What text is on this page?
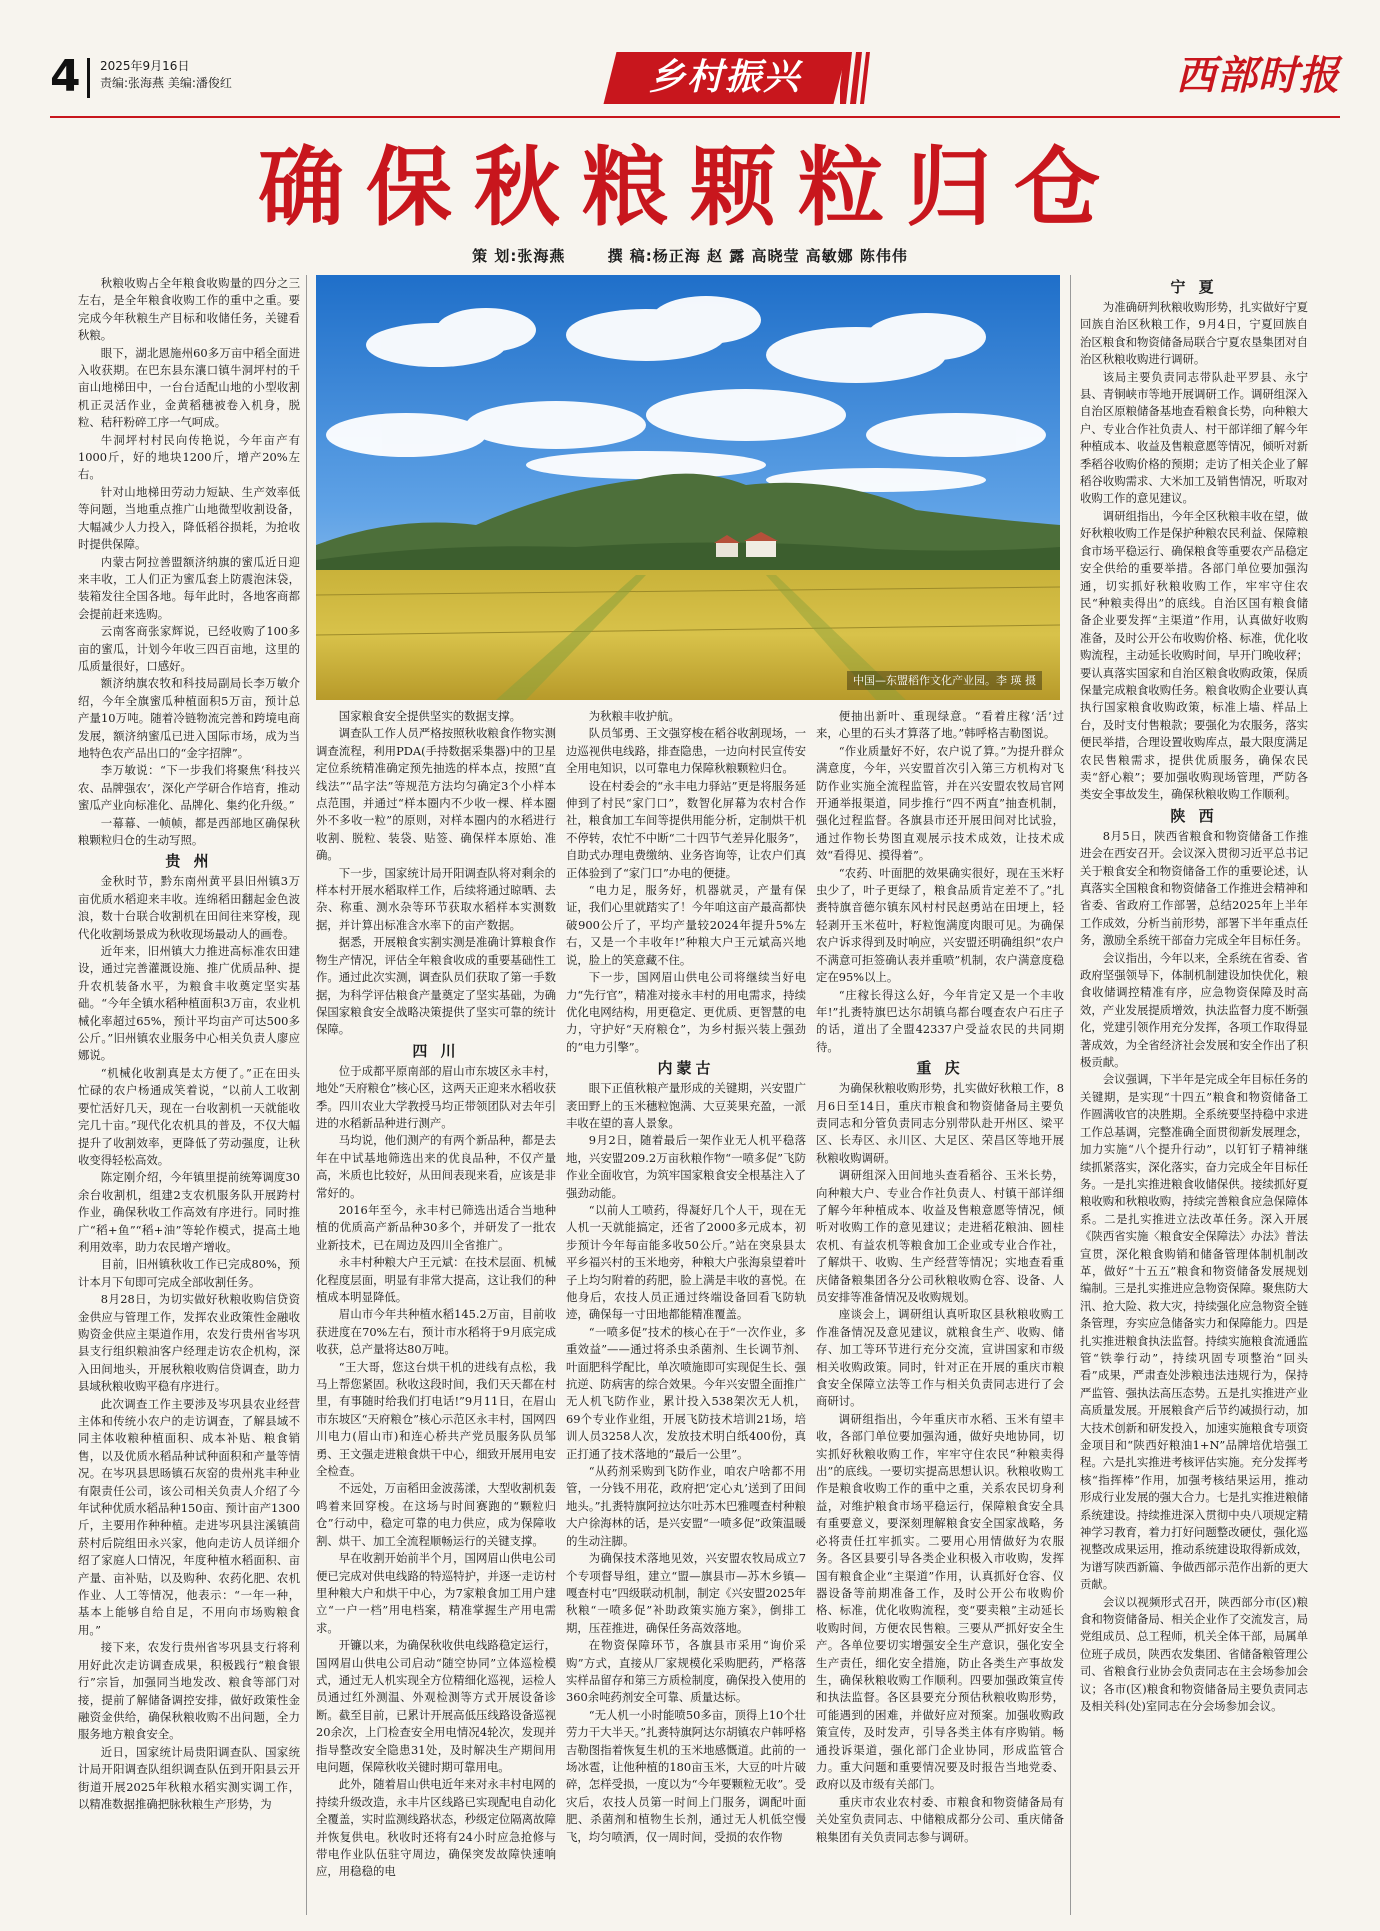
4 2025年9月16日
责编:张海燕 美编:潘俊红	乡村振兴	西部时报
确保秋粮颗粒归仓
策 划:张海燕	撰 稿:杨正海 赵 露 高晓莹 高敏娜 陈伟伟
中国—东盟稻作文化产业园。李 瑛 摄

秋粮收购占全年粮食收购量的四分之三左右，是全年粮食收购工作的重中之重。要完成今年秋粮生产目标和收储任务，关键看秋粮。

眼下，湖北恩施州60多万亩中稻全面进入收获期。在巴东县东瀼口镇牛洞坪村的千亩山地梯田中，一台台适配山地的小型收割机正灵活作业，金黄稻穗被卷入机身，脱粒、秸秆粉碎工序一气呵成。

牛洞坪村村民向传艳说，今年亩产有1000斤，好的地块1200斤，增产20%左右。

针对山地梯田劳动力短缺、生产效率低等问题，当地重点推广山地微型收割设备，大幅减少人力投入，降低稻谷损耗，为抢收时提供保障。

内蒙古阿拉善盟额济纳旗的蜜瓜近日迎来丰收，工人们正为蜜瓜套上防震泡沫袋，装箱发往全国各地。每年此时，各地客商都会提前赶来选购。

云南客商张家辉说，已经收购了100多亩的蜜瓜，计划今年收三四百亩地，这里的瓜质量很好，口感好。

额济纳旗农牧和科技局副局长李万敏介绍，今年全旗蜜瓜种植面积5万亩，预计总产量10万吨。随着冷链物流完善和跨境电商发展，额济纳蜜瓜已进入国际市场，成为当地特色农产品出口的“金字招牌”。

李万敏说：“下一步我们将聚焦‘科技兴农、品牌强农’，深化产学研合作培育，推动蜜瓜产业向标准化、品牌化、集约化升级。”

一幕幕、一帧帧，都是西部地区确保秋粮颗粒归仓的生动写照。

贵 州

金秋时节，黔东南州黄平县旧州镇3万亩优质水稻迎来丰收。连绵稻田翻起金色波浪，数十台联合收割机在田间往来穿梭，现代化收割场景成为秋收现场最动人的画卷。

近年来，旧州镇大力推进高标准农田建设，通过完善灌溉设施、推广优质品种、提升农机装备水平，为粮食丰收奠定坚实基础。“今年全镇水稻种植面积3万亩，农业机械化率超过65%，预计平均亩产可达500多公斤。”旧州镇农业服务中心相关负责人廖应娜说。

“机械化收割真是太方便了。”正在田头忙碌的农户杨通成笑着说，“以前人工收割要忙活好几天，现在一台收割机一天就能收完几十亩。”现代化农机具的普及，不仅大幅提升了收割效率，更降低了劳动强度，让秋收变得轻松高效。

陈定刚介绍，今年镇里提前统筹调度30余台收割机，组建2支农机服务队开展跨村作业，确保秋收工作高效有序进行。同时推广“稻+鱼”“稻+油”等轮作模式，提高土地利用效率，助力农民增产增收。

目前，旧州镇秋收工作已完成80%，预计本月下旬即可完成全部收割任务。

8月28日，为切实做好秋粮收购信贷资金供应与管理工作，发挥农业政策性金融收购资金供应主渠道作用，农发行贵州省岑巩县支行组织粮油客户经理走访农企机构，深入田间地头，开展秋粮收购信贷调查，助力县域秋粮收购平稳有序进行。

此次调查工作主要涉及岑巩县农业经营主体和传统小农户的走访调查，了解县域不同主体收粮种植面积、成本补贴、粮食销售，以及优质水稻品种试种面积和产量等情况。在岑巩县思旸镇石灰窑的贵州兆丰种业有限责任公司，该公司相关负责人介绍了今年试种优质水稻品种150亩、预计亩产1300斤，主要用作种种植。走进岑巩县注溪镇茴菸村后院组田永兴家，他向走访人员详细介绍了家庭人口情况，年度种植水稻面积、亩产量、亩补贴，以及购种、农药化肥、农机作业、人工等情况，他表示：“一年一种，基本上能够自给自足，不用向市场购粮食用。”

接下来，农发行贵州省岑巩县支行将利用好此次走访调查成果，积极践行“粮食银行”宗旨，加强同当地发改、粮食等部门对接，提前了解储备调控安排，做好政策性金融资金供给，确保秋粮收购不出问题，全力服务地方粮食安全。

近日，国家统计局贵阳调查队、国家统计局开阳调查队组织调查队伍到开阳县云开街道开展2025年秋粮水稻实测实调工作，以精准数据推确把脉秋粮生产形势，为

国家粮食安全提供坚实的数据支撑。

调查队工作人员严格按照秋收粮食作物实测调查流程，利用PDA(手持数据采集器)中的卫星定位系统精准确定预先抽选的样本点，按照“直线法”“品字法”等规范方法均匀确定3个小样本点范围，并通过“样本圈内不少收一棵、样本圈外不多收一粒”的原则，对样本圈内的水稻进行收割、脱粒、装袋、贴签、确保样本原始、准确。

下一步，国家统计局开阳调查队将对剩余的样本村开展水稻取样工作，后续将通过晾晒、去杂、称重、测水杂等环节获取水稻样本实测数据，并计算出标准含水率下的亩产数据。

据悉，开展粮食实割实测是准确计算粮食作物生产情况，评估全年粮食收成的重要基础性工作。通过此次实测，调查队员们获取了第一手数据，为科学评估粮食产量奠定了坚实基础，为确保国家粮食安全战略决策提供了坚实可靠的统计保障。

四 川

位于成都平原南部的眉山市东坡区永丰村，地处“天府粮仓”核心区，这两天正迎来水稻收获季。四川农业大学教授马均正带领团队对去年引进的水稻新品种进行测产。

马均说，他们测产的有两个新品种，都是去年在中试基地筛选出来的优良品种，不仅产量高，米质也比较好，从田间表现来看，应该是非常好的。

2016年至今，永丰村已筛选出适合当地种植的优质高产新品种30多个，并研发了一批农业新技术，已在周边及四川全省推广。

永丰村种粮大户王元斌：在技术层面、机械化程度层面，明显有非常大提高，这让我们的种植成本明显降低。

眉山市今年共种植水稻145.2万亩，目前收获进度在70%左右，预计市水稻将于9月底完成收获，总产量将达80万吨。

“王大哥，您这台烘干机的进线有点松，我马上帮您紧固。秋收这段时间，我们天天都在村里，有事随时给我们打电话!”9月11日，在眉山市东坡区“天府粮仓”核心示范区永丰村，国网四川电力(眉山市)和连心桥共产党员服务队员邹勇、王文强走进粮食烘干中心，细致开展用电安全检查。

不远处，万亩稻田金波荡漾，大型收割机轰鸣着来回穿梭。在这场与时间赛跑的“颗粒归仓”行动中，稳定可靠的电力供应，成为保障收割、烘干、加工全流程顺畅运行的关键支撑。

早在收割开始前半个月，国网眉山供电公司便已完成对供电线路的特巡特护，并逐一走访村里种粮大户和烘干中心，为7家粮食加工用户建立“一户一档”用电档案，精准掌握生产用电需求。

开镰以来，为确保秋收供电线路稳定运行，国网眉山供电公司启动“随空协同”立体巡检模式，通过无人机实现全方位精细化巡视，运检人员通过红外测温、外观检测等方式开展设备诊断。截至目前，已累计开展高低压线路设备巡视20余次，上门检查安全用电情况4轮次，发现并指导整改安全隐患31处，及时解决生产期间用电问题，保障秋收关键时期可靠用电。

此外，随着眉山供电近年来对永丰村电网的持续升级改造，永丰片区线路已实现配电自动化全覆盖，实时监测线路状态，秒级定位隔离故障并恢复供电。秋收时还将有24小时应急抢修与带电作业队伍驻守周边，确保突发故障快速响应，用稳稳的电

为秋粮丰收护航。

队员邹勇、王文强穿梭在稻谷收割现场，一边巡视供电线路，排查隐患，一边向村民宣传安全用电知识，以可靠电力保障秋粮颗粒归仓。

设在村委会的“永丰电力驿站”更是将服务延伸到了村民“家门口”，数智化屏幕为农村合作社，粮食加工车间等提供用能分析，定制烘干机不停转，农忙不中断“二十四节气差异化服务”，自助式办理电费缴纳、业务咨询等，让农户们真正体验到了“家门口”办电的便捷。

“电力足，服务好，机器就灵，产量有保证，我们心里就踏实了！今年咱这亩产最高都快破900公斤了，平均产量较2024年提升5%左右，又是一个丰收年!”种粮大户王元斌高兴地说，脸上的笑意藏不住。

下一步，国网眉山供电公司将继续当好电力“先行官”，精准对接永丰村的用电需求，持续优化电网结构，用更稳定、更优质、更智慧的电力，守护好“天府粮仓”，为乡村振兴装上强劲的“电力引擎”。

内蒙古

眼下正值秋粮产量形成的关键期，兴安盟广袤田野上的玉米穗粒饱满、大豆荚果充盈，一派丰收在望的喜人景象。

9月2日，随着最后一架作业无人机平稳落地，兴安盟209.2万亩秋粮作物“一喷多促”飞防作业全面收官，为筑牢国家粮食安全根基注入了强劲动能。

“以前人工喷药，得凝好几个人干，现在无人机一天就能搞定，还省了2000多元成本，初步预计今年每亩能多收50公斤。”站在突泉县太平乡福兴村的玉米地旁，种粮大户张海泉望着叶子上均匀附着的药肥，脸上满是丰收的喜悦。在他身后，农技人员正通过终端设备回看飞防轨迹，确保每一寸田地都能精准覆盖。

“一喷多促”技术的核心在于“一次作业，多重效益”——通过将杀虫杀菌剂、生长调节剂、叶面肥科学配比，单次喷施即可实现促生长、强抗逆、防病害的综合效果。今年兴安盟全面推广无人机飞防作业，累计投入538架次无人机，69个专业作业组，开展飞防技术培训21场，培训人员3258人次，发放技术明白纸400份，真正打通了技术落地的“最后一公里”。

“从药剂采购到飞防作业，咱农户啥都不用管，一分钱不用花，政府把‘定心丸’送到了田间地头。”扎赉特旗阿拉达尔吐苏木巴雅嘎查村种粮大户徐海林的话，是兴安盟“一喷多促”政策温暖的生动注脚。

为确保技术落地见效，兴安盟农牧局成立7个专项督导组，建立“盟—旗县市—苏木乡镇—嘎查村屯”四级联动机制，制定《兴安盟2025年秋粮“一喷多促”补助政策实施方案》，倒排工期，压茬推进，确保任务高效落地。

在物资保障环节，各旗县市采用“询价采购”方式，直接从厂家规模化采购肥药，严格落实样品留存和第三方质检制度，确保投入使用的360余吨药剂安全可靠、质量达标。

“无人机一小时能喷50多亩，顶得上10个壮劳力干大半天。”扎赉特旗阿达尔胡镇农户韩呼格吉勒图指着恢复生机的玉米地感慨道。此前的一场冰雹，让他种植的180亩玉米，大豆的叶片破碎，怎样受损，一度以为“今年要颗粒无收”。受灾后，农技人员第一时间上门服务，调配叶面肥、杀菌剂和植物生长剂，通过无人机低空慢飞，均匀喷洒，仅一周时间，受损的农作物

便抽出新叶、重现绿意。“看着庄稼‘活’过来，心里的石头才算落了地。”韩呼格吉勒图说。

“作业质量好不好，农户说了算。”为提升群众满意度，今年，兴安盟首次引入第三方机构对飞防作业实施全流程监管，并在兴安盟农牧局官网开通举报渠道，同步推行“四不两直”抽查机制，强化过程监督。各旗县市还开展田间对比试验，通过作物长势图直观展示技术成效，让技术成效“看得见、摸得着”。

“农药、叶面肥的效果确实很好，现在玉米籽虫少了，叶子更绿了，粮食品质肯定差不了。”扎赉特旗音德尔镇东风村村民赵勇站在田埂上，轻轻剥开玉米苞叶，籽粒饱满度肉眼可见。为确保农户诉求得到及时响应，兴安盟还明确组织“农户不满意可拒签确认表并重喷”机制，农户满意度稳定在95%以上。

“庄稼长得这么好，今年肯定又是一个丰收年!”扎赉特旗巴达尔胡镇乌都台嘎查农户石庄子的话，道出了全盟42337户受益农民的共同期待。

重 庆

为确保秋粮收购形势，扎实做好秋粮工作，8月6日至14日，重庆市粮食和物资储备局主要负责同志和分管负责同志分别带队赴开州区、梁平区、长寿区、永川区、大足区、荣昌区等地开展秋粮收购调研。

调研组深入田间地头查看稻谷、玉米长势，向种粮大户、专业合作社负责人、村镇干部详细了解今年种植成本、收益及售粮意愿等情况，倾听对收购工作的意见建议；走进稻花粮油、圆桂农机、有益农机等粮食加工企业或专业合作社，了解烘干、收购、生产经营等情况；实地查看重庆储备粮集团各分公司秋粮收购仓容、设备、人员安排等准备情况及收购规划。

座谈会上，调研组认真听取区县秋粮收购工作准备情况及意见建议，就粮食生产、收购、储存、加工等环节进行充分交流，宣讲国家和市级相关收购政策。同时，针对正在开展的重庆市粮食安全保障立法等工作与相关负责同志进行了会商研讨。

调研组指出，今年重庆市水稻、玉米有望丰收，各部门单位要加强沟通，做好央地协同，切实抓好秋粮收购工作，牢牢守住农民“种粮卖得出”的底线。一要切实提高思想认识。秋粮收购工作是粮食收购工作的重中之重，关系农民切身利益，对维护粮食市场平稳运行，保障粮食安全具有重要意义，要深刻理解粮食安全国家战略，务必将责任扛牢抓实。二要用心用情做好为农服务。各区县要引导各类企业积极入市收购，发挥国有粮食企业“主渠道”作用，认真抓好仓容、仪器设备等前期准备工作，及时公开公布收购价格、标准，优化收购流程，变“要卖粮”主动延长收购时间，方便农民售粮。三要从严抓好安全生产。各单位要切实增强安全生产意识，强化安全生产责任，细化安全措施，防止各类生产事故发生，确保秋粮收购工作顺利。四要加强政策宣传和执法监督。各区县要充分预估秋粮收购形势，可能遇到的困难，并做好应对预案。加强收购政策宣传，及时发声，引导各类主体有序购销。畅通投诉渠道，强化部门企业协同，形成监管合力。重大问题和重要情况要及时报告当地党委、政府以及市级有关部门。

重庆市农业农村委、市粮食和物资储备局有关处室负责同志、中储粮成都分公司、重庆储备粮集团有关负责同志参与调研。

宁 夏

为准确研判秋粮收购形势，扎实做好宁夏回族自治区秋粮工作，9月4日，宁夏回族自治区粮食和物资储备局联合宁夏农垦集团对自治区秋粮收购进行调研。

该局主要负责同志带队赴平罗县、永宁县、青铜峡市等地开展调研工作。调研组深入自治区原粮储备基地查看粮食长势，向种粮大户、专业合作社负责人、村干部详细了解今年种植成本、收益及售粮意愿等情况，倾听对新季稻谷收购价格的预期；走访了相关企业了解稻谷收购需求、大米加工及销售情况，听取对收购工作的意见建议。

调研组指出，今年全区秋粮丰收在望，做好秋粮收购工作是保护种粮农民利益、保障粮食市场平稳运行、确保粮食等重要农产品稳定安全供给的重要举措。各部门单位要加强沟通，切实抓好秋粮收购工作，牢牢守住农民“种粮卖得出”的底线。自治区国有粮食储备企业要发挥“主渠道”作用，认真做好收购准备，及时公开公布收购价格、标准，优化收购流程，主动延长收购时间，早开门晚收秤；要认真落实国家和自治区粮食收购政策，保质保量完成粮食收购任务。粮食收购企业要认真执行国家粮食收购政策，标准上墙、样品上台，及时支付售粮款；要强化为农服务，落实便民举措，合理设置收购库点，最大限度满足农民售粮需求，提供优质服务，确保农民卖“舒心粮”；要加强收购现场管理，严防各类安全事故发生，确保秋粮收购工作顺利。

陕 西

8月5日，陕西省粮食和物资储备工作推进会在西安召开。会议深入贯彻习近平总书记关于粮食安全和物资储备工作的重要论述，认真落实全国粮食和物资储备工作推进会精神和省委、省政府工作部署，总结2025年上半年工作成效，分析当前形势，部署下半年重点任务，激励全系统干部奋力完成全年目标任务。

会议指出，今年以来，全系统在省委、省政府坚强领导下，体制机制建设加快优化，粮食收储调控精准有序，应急物资保障及时高效，产业发展提质增效，执法监督力度不断强化，党建引领作用充分发挥，各项工作取得显著成效，为全省经济社会发展和安全作出了积极贡献。

会议强调，下半年是完成全年目标任务的关键期，是实现“十四五”粮食和物资储备工作圆满收官的决胜期。全系统要坚持稳中求进工作总基调，完整准确全面贯彻新发展理念，加力实施“八个提升行动”，以钉钉子精神继续抓紧落实，深化落实，奋力完成全年目标任务。一是扎实推进粮食收储保供。接续抓好夏粮收购和秋粮收购，持续完善粮食应急保障体系。二是扎实推进立法改革任务。深入开展《陕西省实施〈粮食安全保障法〉办法》普法宣贯，深化粮食购销和储备管理体制机制改革，做好“十五五”粮食和物资储备发展规划编制。三是扎实推进应急物资保障。聚焦防大汛、抢大险、救大灾，持续强化应急物资全链条管理，夯实应急储备实力和保障能力。四是扎实推进粮食执法监督。持续实施粮食流通监管“铁拳行动”，持续巩固专项整治“回头看”成果，严肃查处涉粮违法违规行为，保持严监管、强执法高压态势。五是扎实推进产业高质量发展。开展粮食产后节约减损行动，加大技术创新和研发投入，加速实施粮食专项资金项目和“陕西好粮油1+N”品牌培优培强工程。六是扎实推进考核评估实施。充分发挥考核“指挥棒”作用，加强考核结果运用，推动形成行业发展的强大合力。七是扎实推进粮储系统建设。持续推进深入贯彻中央八项规定精神学习教育，着力打好问题整改硬仗，强化巡视整改成果运用，推动系统建设取得新成效，为谱写陕西新篇、争做西部示范作出新的更大贡献。

会议以视频形式召开，陕西部分市(区)粮食和物资储备局、相关企业作了交流发言，局党组成员、总工程师，机关全体干部，局属单位班子成员，陕西农发集团、省储备粮管理公司、省粮食行业协会负责同志在主会场参加会议；各市(区)粮食和物资储备局主要负责同志及相关科(处)室同志在分会场参加会议。
